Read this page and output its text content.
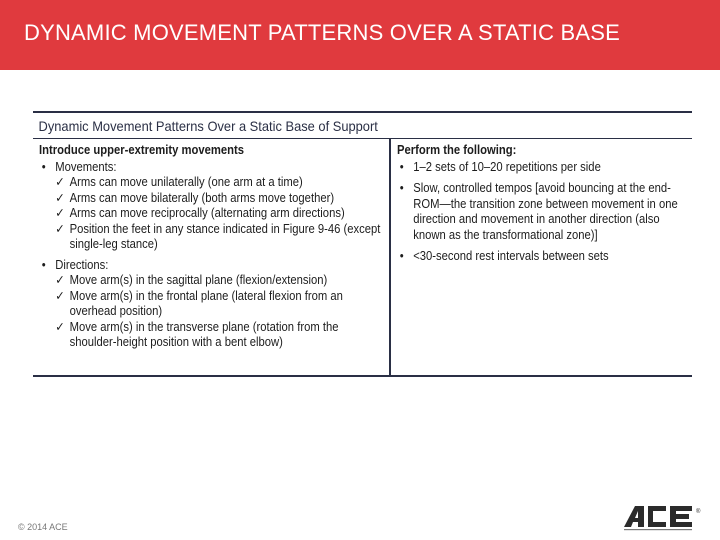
DYNAMIC MOVEMENT PATTERNS OVER A STATIC BASE
Dynamic Movement Patterns Over a Static Base of Support
Introduce upper-extremity movements
• Movements:
✓ Arms can move unilaterally (one arm at a time)
✓ Arms can move bilaterally (both arms move together)
✓ Arms can move reciprocally (alternating arm directions)
✓ Position the feet in any stance indicated in Figure 9-46 (except single-leg stance)
• Directions:
✓ Move arm(s) in the sagittal plane (flexion/extension)
✓ Move arm(s) in the frontal plane (lateral flexion from an overhead position)
✓ Move arm(s) in the transverse plane (rotation from the shoulder-height position with a bent elbow)
Perform the following:
• 1–2 sets of 10–20 repetitions per side
• Slow, controlled tempos [avoid bouncing at the end-ROM—the transition zone between movement in one direction and movement in another direction (also known as the transformational zone)]
• <30-second rest intervals between sets
© 2014 ACE
®
